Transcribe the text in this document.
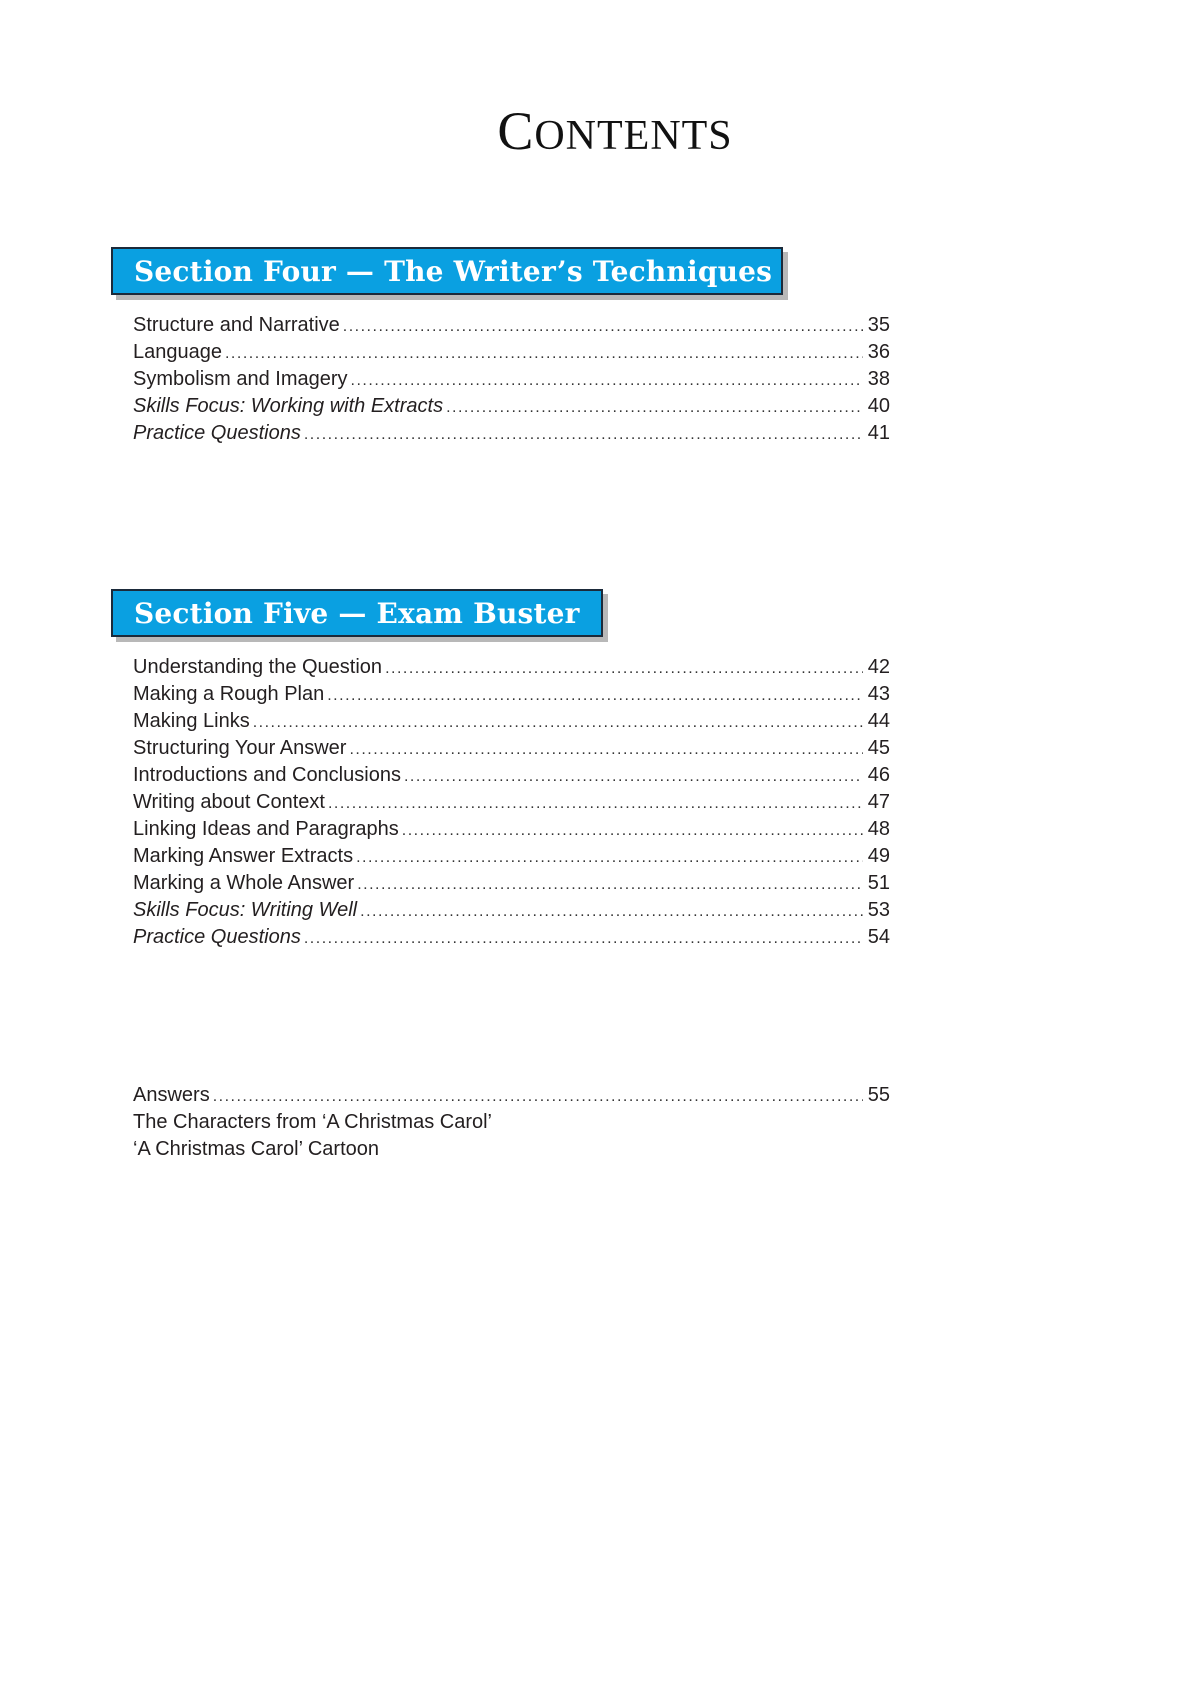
CONTENTS
Section Four — The Writer’s Techniques
Structure and Narrative .....	35
Language .....	36
Symbolism and Imagery .....	38
Skills Focus: Working with Extracts .....	40
Practice Questions .....	41
Section Five — Exam Buster
Understanding the Question .....	42
Making a Rough Plan .....	43
Making Links .....	44
Structuring Your Answer .....	45
Introductions and Conclusions .....	46
Writing about Context .....	47
Linking Ideas and Paragraphs .....	48
Marking Answer Extracts .....	49
Marking a Whole Answer .....	51
Skills Focus: Writing Well .....	53
Practice Questions .....	54
Answers .....	55
The Characters from ‘A Christmas Carol’
‘A Christmas Carol’ Cartoon
